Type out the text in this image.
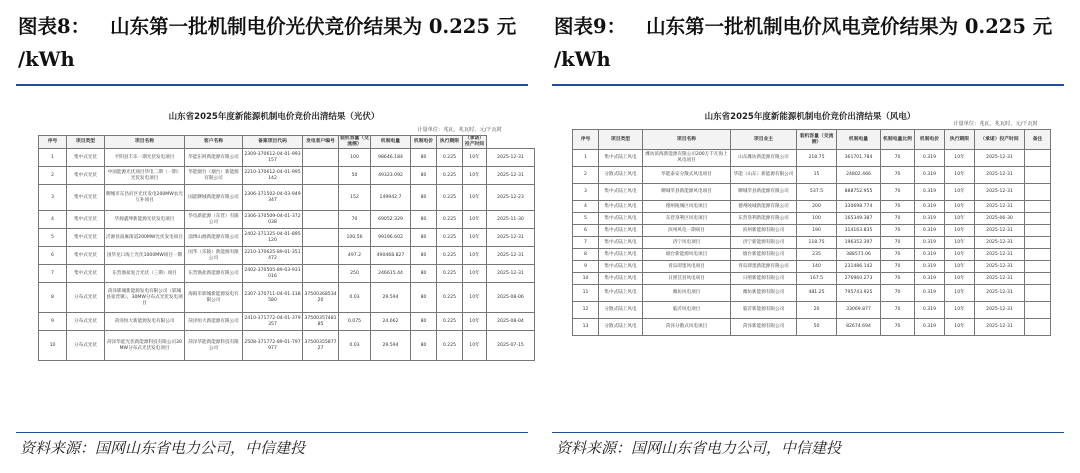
图表8： 山东第一批机制电价光伏竞价结果为 0.225 元
/kWh
山东省2025年度新能源机制电价竞价出清结果（光伏）
计量单位：兆瓦、兆瓦时、元/千瓦时
序号	项目类型	项目名称	客户名称	备案项目代码	发电客户编号	装机容量（交流侧）	机制电量	机制电价	执行期限	（承诺）投产时间	
1	集中式光伏	平阴县丰乐一期光伏发电项目	华能东阿新能源有限公司	2309-370612-04-01-993157		100	98646.184	80	0.225	10年	2025-12-31
2	集中式光伏	中国能源光伏项目华电二期（一期）光伏发电项目	华能烟台（烟台）新能源有限公司	2210-370612-04-01-995142		50	49323.092	80	0.225	10年	2025-12-31
3	集中式光伏	聊城市东昌府区光伏发电200MW农光互补项目	国能聊城新能源有限公司	2306-371502-04-03-949347		152	149942.7	80	0.225	10年	2025-12-23
4	集中式光伏	华源鑫坤新能源光伏发电项目	华电新能源（东营）有限公司	2306-370509-04-01-372038		70	69052.329	80	0.225	10年	2025-11-30
5	集中式光伏	沂源县南麻街道200MW光伏发电项目	淄博山源新能源有限公司	2402-371325-04-01-895120		100.56	99196.602	80	0.225	10年	2025-12-31
6	集中式光伏	国华龙口海上光伏1000MW项目一期	国华（乐陵）新能源有限公司	2210-370625-89-01-351472		497.2	490468.827	80	0.225	10年	2025-12-31
7	集中式光伏	东营渔盐复合光伏（三期）项目	东营渔盐新能源有限公司	2402-370505-89-03-931016		250	246615.44	80	0.225	10年	2025-12-31
8	分布式光伏	菏泽郓城新能源发电有限公司（郓城县张营镇），30MW分布式光伏发电项目	海阳市郓城新能源发电有限公司	2307-370711-04-01-118580	3750036853420	0.03	29.594	80	0.225	10年	2025-08-06
9	分布式光伏	菏泽恒大新能源发电有限公司	菏泽恒大新能源有限公司	2410-371772-04-01-379357	3750035748185	0.075	24.662	80	0.225	10年	2025-08-04
10	分布式光伏	菏泽华能光伏新能源科技有限公司30MW分布式光伏发电项目	菏泽华能新能源科技有限公司	2508-371772-89-01-797977	3750035587727	0.03	29.594	80	0.225	10年	2025-07-15
资料来源：国网山东省电力公司，中信建投
图表9： 山东第一批机制电价风电竞价结果为 0.225 元
/kWh
山东省2025年度新能源机制电价竞价出清结果（风电）
计量单位：兆瓦、兆瓦时、元/千瓦时
序号	项目类型	项目名称	项目业主	装机容量（交流侧）	机制电量	机制电量比例	机制电价	执行期限	（承诺）投产时间	备注
1	集中式陆上风电	潍坊滨海新能源有限公司200万千瓦海上风电项目	山东潍坊新能源有限公司	218.75	361701.784	70	0.319	10年	2025-12-31	
2	分散式陆上风电	华能泰安分散式风电项目	华能（山东）新能源有限公司	15	24802.466	70	0.319	10年	2025-12-31	
3	集中式陆上风电	聊城莘县新能源风电项目	聊城莘县新能源有限公司	537.5	888752.955	70	0.319	10年	2025-12-31	
4	集中式陆上风电	德州陵城区风电项目	德州陵城新能源有限公司	200	330698.774	70	0.319	10年	2025-12-31	
5	集中式陆上风电	东营垦利区风电项目	东营垦利新能源有限公司	100	165349.387	70	0.319	10年	2025-06-30	
6	集中式陆上风电	滨州风电一期项目	滨州新能源有限公司	190	314163.835	70	0.319	10年	2025-12-31	
7	集中式陆上风电	济宁风电项目	济宁新能源有限公司	118.75	196352.397	70	0.319	10年	2025-12-31	
8	集中式陆上风电	烟台新能源风电项目	烟台新能源有限公司	235	388571.06	70	0.319	10年	2025-12-31	
9	集中式陆上风电	青岛即墨风电项目	青岛即墨新能源有限公司	140	231486.142	70	0.319	10年	2025-12-31	
10	集中式陆上风电	日照莒县风电项目	日照新能源有限公司	167.5	276960.273	70	0.319	10年	2025-12-31	
11	集中式陆上风电	潍坊风电项目	潍坊新能源有限公司	481.25	795743.925	70	0.319	10年	2025-12-31	
12	分散式陆上风电	临沂风电项目	临沂新能源有限公司	20	33069.877	70	0.319	10年	2025-12-31	
13	分散式陆上风电	菏泽分散式风电项目	菏泽新能源有限公司	50	82674.694	70	0.319	10年	2025-12-31	
资料来源：国网山东省电力公司，中信建投
